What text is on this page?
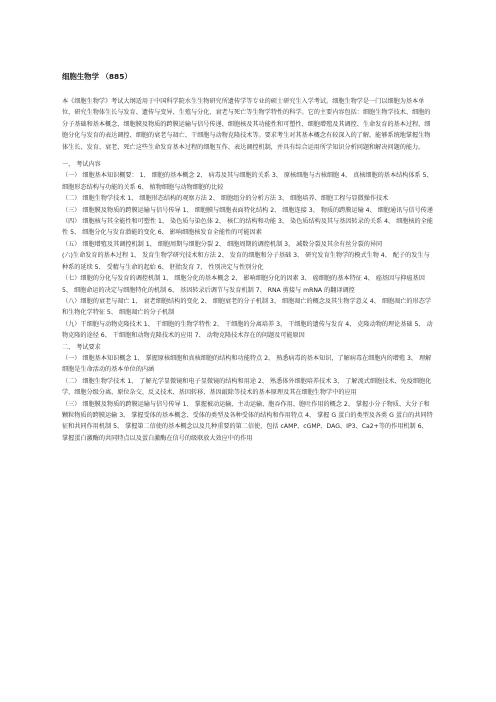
细胞生物学 （885）

本《细胞生物学》考试大纲适用于中国科学院水生生物研究所遗传学等专业的硕士研究生入学考试。细胞生物学是一门以细胞为基本单位，研究生物体生长与发育、遗传与变异、生殖与分化、衰老与死亡等生物学特性的科学。它的主要内容包括：细胞生物学技术、细胞的分子基础和基本概念、细胞膜及物质的跨膜运输与信号传递、细胞核及其功能性和可塑性、细胞增殖及其调控、生命发育的基本过程、细胞分化与发育的表达调控、细胞的衰老与凋亡、干细胞与动物克隆技术等。要求考生对其基本概念有较深入的了解，能够系统地掌握生物体生长、发育、衰老、死亡这些生命发育基本过程的细胞互作、表达调控机制，并具有综合运用所学知识分析问题和解决问题的能力。

一、 考试内容

（一） 细胞基本知识概要： 1、 细胞的基本概念 2、 病毒及其与细胞的关系 3、 原核细胞与古核细胞 4、 真核细胞的基本结构体系 5、 细胞形态结构与功能的关系 6、 植物细胞与动物细胞的比较

（二） 细胞生物学技术 1、 细胞形态结构的观察方法 2、 细胞组分的分析方法 3、 细胞培养、细胞工程与显微操作技术

（三） 细胞膜及物质的跨膜运输与信号传导 1、 细胞膜与细胞表面特化结构 2、 细胞连接 3、 物质的跨膜运输 4、 细胞通讯与信号传递

（四） 细胞核与其全能性和可塑性 1、 染色质与染色体 2、 核仁的结构和功能 3、 染色质结构及其与基因转录的关系 4、 细胞核的全能性 5、 细胞分化与发育潜能的变化 6、 影响细胞核发育全能性的可能因素

（五） 细胞增殖及其调控机制 1、 细胞周期与细胞分裂 2、 细胞周期的调控机制 3、 减数分裂及其余有丝分裂的异同

(六)生命发育的基本过程 1、 发育生物学研究技术和方法 2、 发育的细胞和分子基础 3、 研究发育生物学的模式生物 4、 配子的发生与种系的延续 5、 受精与生命的起始 6、 胚胎发育 7、 性别决定与性别分化

（七）细胞的分化与发育的调控机制 1、 细胞分化的基本概念 2、 影响细胞分化的因素 3、 癌细胞的基本特征 4、 癌基因与抑癌基因 5、 细胞命运的决定与细胞特化的机制 6、 基因转录后调节与发育机制 7、 RNA 剪接与 mRNA 的翻译调控

（八）细胞的衰老与凋亡 1、 衰老细胞结构的变化 2、 细胞衰老的分子机制 3、 细胞凋亡的概念及其生物学意义 4、 细胞凋亡的形态学和生物化学特征 5、 细胞凋亡的分子机制

（九）干细胞与动物克隆技术 1、 干细胞的生物学特性 2、 干细胞的分离培养 3、 干细胞的遗传与发育 4、 克隆动物的理论基础 5、 动物克隆的途径 6、 干细胞和动物克隆技术的应用 7、 动物克隆技术存在的问题及可能原因

二、 考试要求

（一） 细胞基本知识概念 1、 掌握原核细胞和真核细胞的结构和功能特点 2、 熟悉病毒的基本知识，了解病毒在细胞内的增殖 3、 理解细胞是生命活动的基本单位的内涵

（二） 细胞生物学技术 1、 了解光学显微镜和电子显微镜的结构和用途 2、 熟悉体外细胞培养技术 3、 了解流式细胞技术、免疫细胞化学、细胞分级分离、原位杂交、反义技术、基因转移、基因敲除等技术的基本原理及其在细胞生物学中的应用

（三） 细胞膜及物质的跨膜运输与信号传导 1、 掌握被动运输、主动运输、胞吞作用、胞吐作用的概念 2、 掌握小分子物质、大分子和颗粒物质的跨膜运输 3、 掌握受体的基本概念、受体的类型及各种受体的结构和作用特点 4、 掌握 G 蛋白的类型及各类 G 蛋白的共同特征和共同作用机制 5、 掌握第二信使的基本概念以及几种重要的第二信使，包括 cAMP、cGMP、DAG、IP3、Ca2+等的作用机制 6、 掌握蛋白激酶的共同特点以及蛋白激酶在信号的级联放大效应中的作用
